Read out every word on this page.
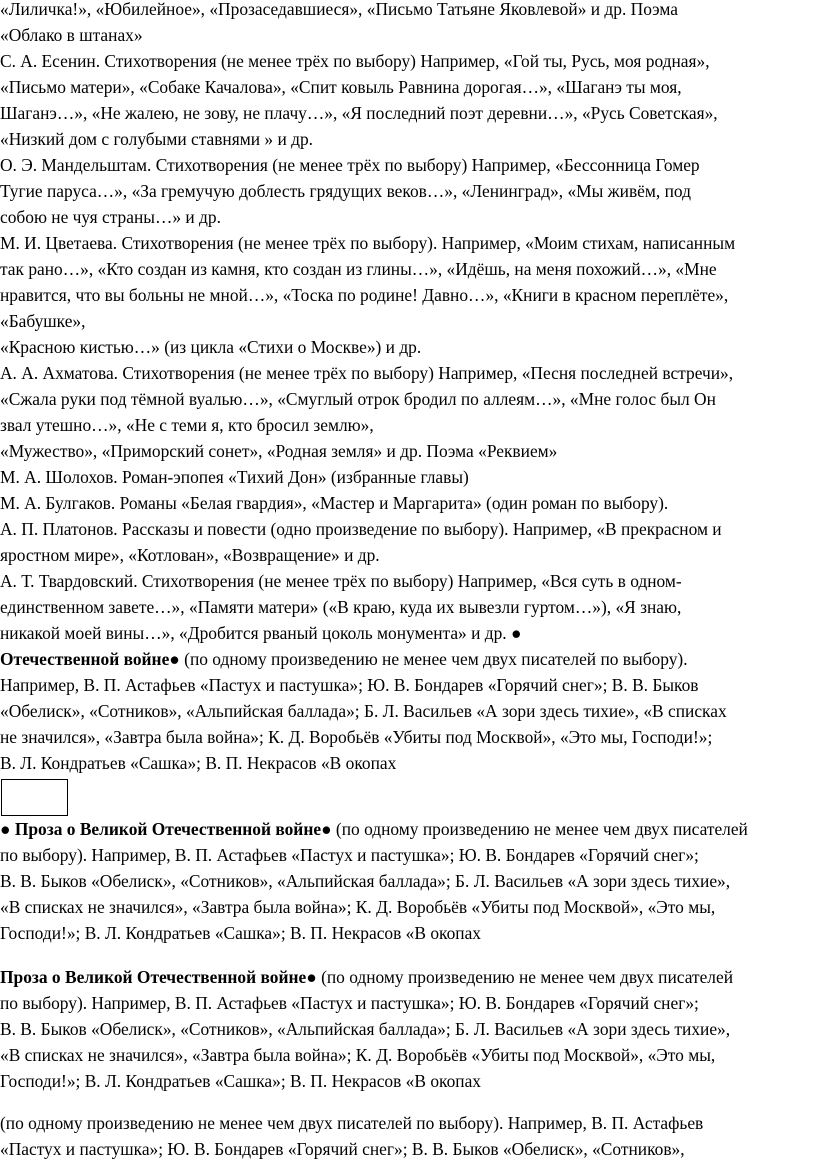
«Лиличка!», «Юбилейное», «Прозаседавшиеся», «Письмо Татьяне Яковлевой» и др. Поэма
«Облако в штанах»
С. А. Есенин. Стихотворения (не менее трёх по выбору) Например, «Гой ты, Русь, моя родная»,
«Письмо матери», «Собаке Качалова», «Спит ковыль Равнина дорогая…», «Шаганэ ты моя,
Шаганэ…», «Не жалею, не зову, не плачу…», «Я последний поэт деревни…», «Русь Советская»,
«Низкий дом с голубыми ставнями » и др.
О. Э. Мандельштам. Стихотворения (не менее трёх по выбору) Например, «Бессонница Гомер
Тугие паруса…», «За гремучую доблесть грядущих веков…», «Ленинград», «Мы живём, под
собою не чуя страны…» и др.
М. И. Цветаева. Стихотворения (не менее трёх по выбору). Например, «Моим стихам, написанным
так рано…», «Кто создан из камня, кто создан из глины…», «Идёшь, на меня похожий…», «Мне
нравится, что вы больны не мной…», «Тоска по родине! Давно…», «Книги в красном переплёте»,
«Бабушке»,
«Красною кистью…» (из цикла «Стихи о Москве») и др.
А. А. Ахматова. Стихотворения (не менее трёх по выбору) Например, «Песня последней встречи»,
«Сжала руки под тёмной вуалью…», «Смуглый отрок бродил по аллеям…», «Мне голос был Он
звал утешно…», «Не с теми я, кто бросил землю»,
«Мужество», «Приморский сонет», «Родная земля» и др. Поэма «Реквием»
М. А. Шолохов. Роман-эпопея «Тихий Дон» (избранные главы)
М. А. Булгаков. Романы «Белая гвардия», «Мастер и Маргарита» (один роман по выбору).
А. П. Платонов. Рассказы и повести (одно произведение по выбору). Например, «В прекрасном и
яростном мире», «Котлован», «Возвращение» и др.
А. Т. Твардовский. Стихотворения (не менее трёх по выбору) Например, «Вся суть в одном-
единственном завете…», «Памяти матери» («В краю, куда их вывезли гуртом…»), «Я знаю,
никакой моей вины…», «Дробится рваный цоколь монумента» и др. ●
Отечественной войне● (по одному произведению не менее чем двух писателей по выбору).
Например, В. П. Астафьев «Пастух и пастушка»; Ю. В. Бондарев «Горячий снег»; В. В. Быков
«Обелиск», «Сотников», «Альпийская баллада»; Б. Л. Васильев «А зори здесь тихие», «В списках
не значился», «Завтра была война»; К. Д. Воробьёв «Убиты под Москвой», «Это мы, Господи!»;
В. Л. Кондратьев «Сашка»; В. П. Некрасов «В окопах
● Проза о Великой Отечественной войне● (по одному произведению не менее чем двух писателей
по выбору). Например, В. П. Астафьев «Пастух и пастушка»; Ю. В. Бондарев «Горячий снег»;
В. В. Быков «Обелиск», «Сотников», «Альпийская баллада»; Б. Л. Васильев «А зори здесь тихие»,
«В списках не значился», «Завтра была война»; К. Д. Воробьёв «Убиты под Москвой», «Это мы,
Господи!»; В. Л. Кондратьев «Сашка»; В. П. Некрасов «В окопах
Проза о Великой Отечественной войне● (по одному произведению не менее чем двух писателей
по выбору). Например, В. П. Астафьев «Пастух и пастушка»; Ю. В. Бондарев «Горячий снег»;
В. В. Быков «Обелиск», «Сотников», «Альпийская баллада»; Б. Л. Васильев «А зори здесь тихие»,
«В списках не значился», «Завтра была война»; К. Д. Воробьёв «Убиты под Москвой», «Это мы,
Господи!»; В. Л. Кондратьев «Сашка»; В. П. Некрасов «В окопах
(по одному произведению не менее чем двух писателей по выбору). Например, В. П. Астафьев
«Пастух и пастушка»; Ю. В. Бондарев «Горячий снег»; В. В. Быков «Обелиск», «Сотников»,
